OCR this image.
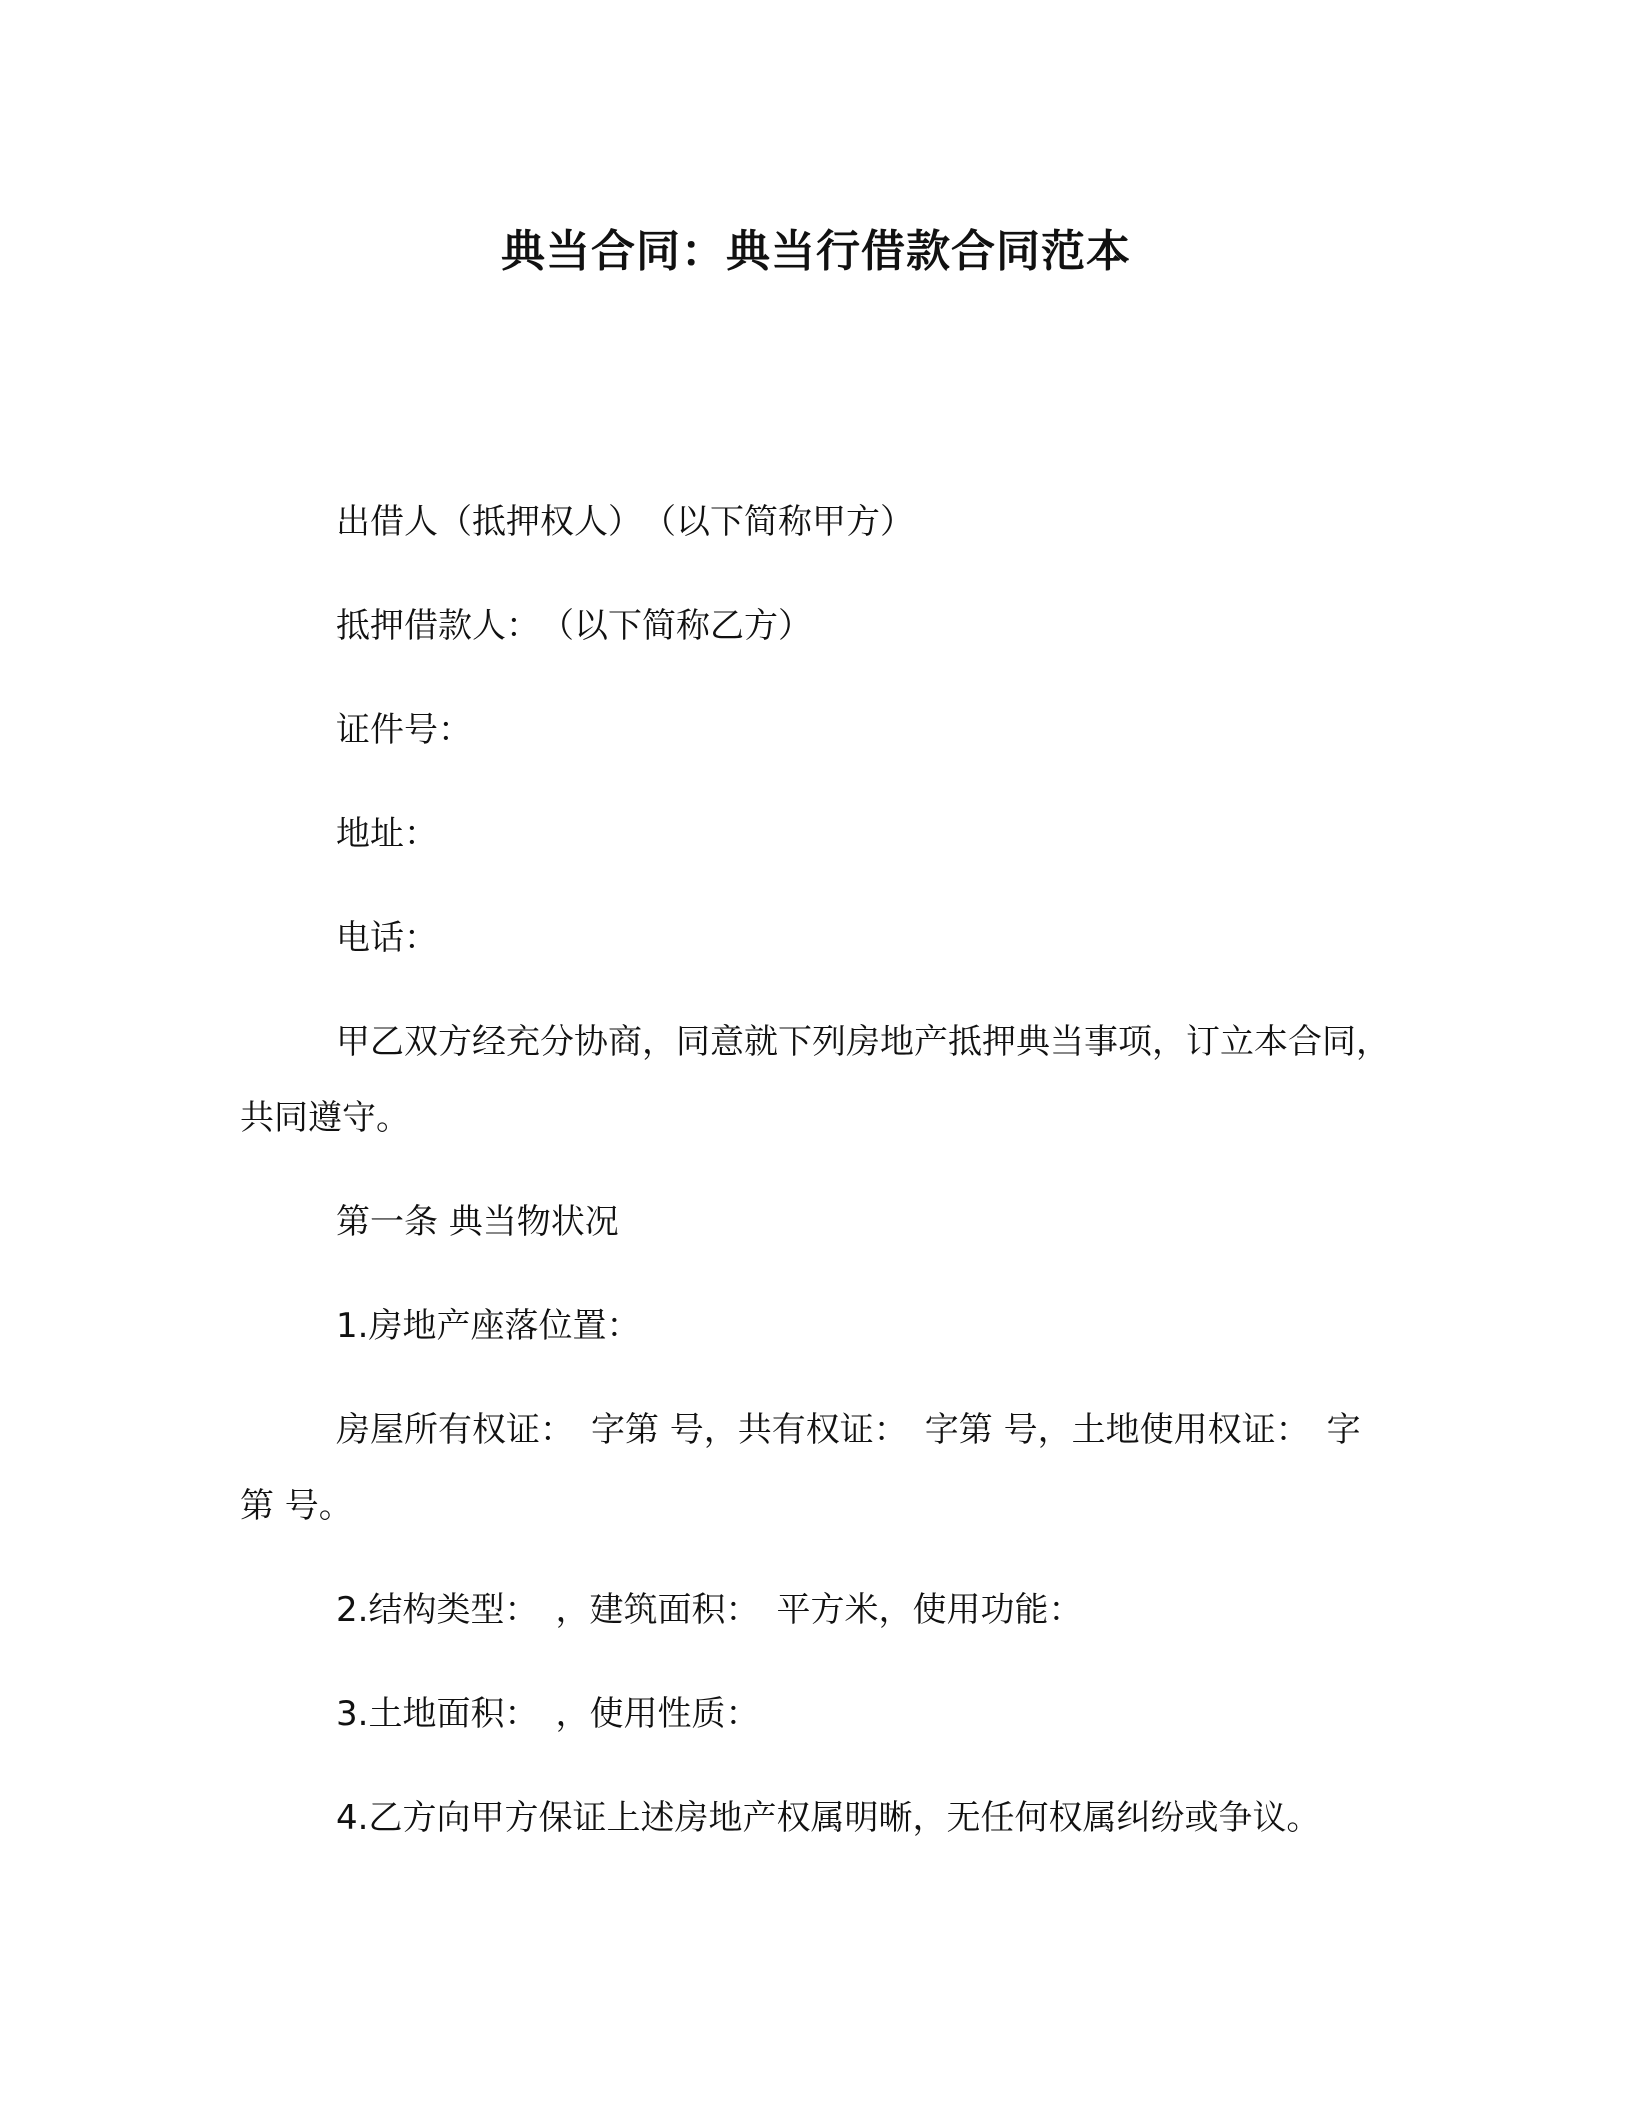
典当合同：典当行借款合同范本

出借人（抵押权人）　（以下简称甲方）

抵押借款人：　（以下简称乙方）

证件号：

地址：

电话：

甲乙双方经充分协商，同意就下列房地产抵押典当事项，订立本合同，共同遵守。

第一条 典当物状况

1.房地产座落位置：

房屋所有权证：　字第 号，共有权证：　字第 号，土地使用权证：　字第 号。

2.结构类型：　，建筑面积：　平方米，使用功能：

3.土地面积：　，使用性质：

4.乙方向甲方保证上述房地产权属明晰，无任何权属纠纷或争议。
